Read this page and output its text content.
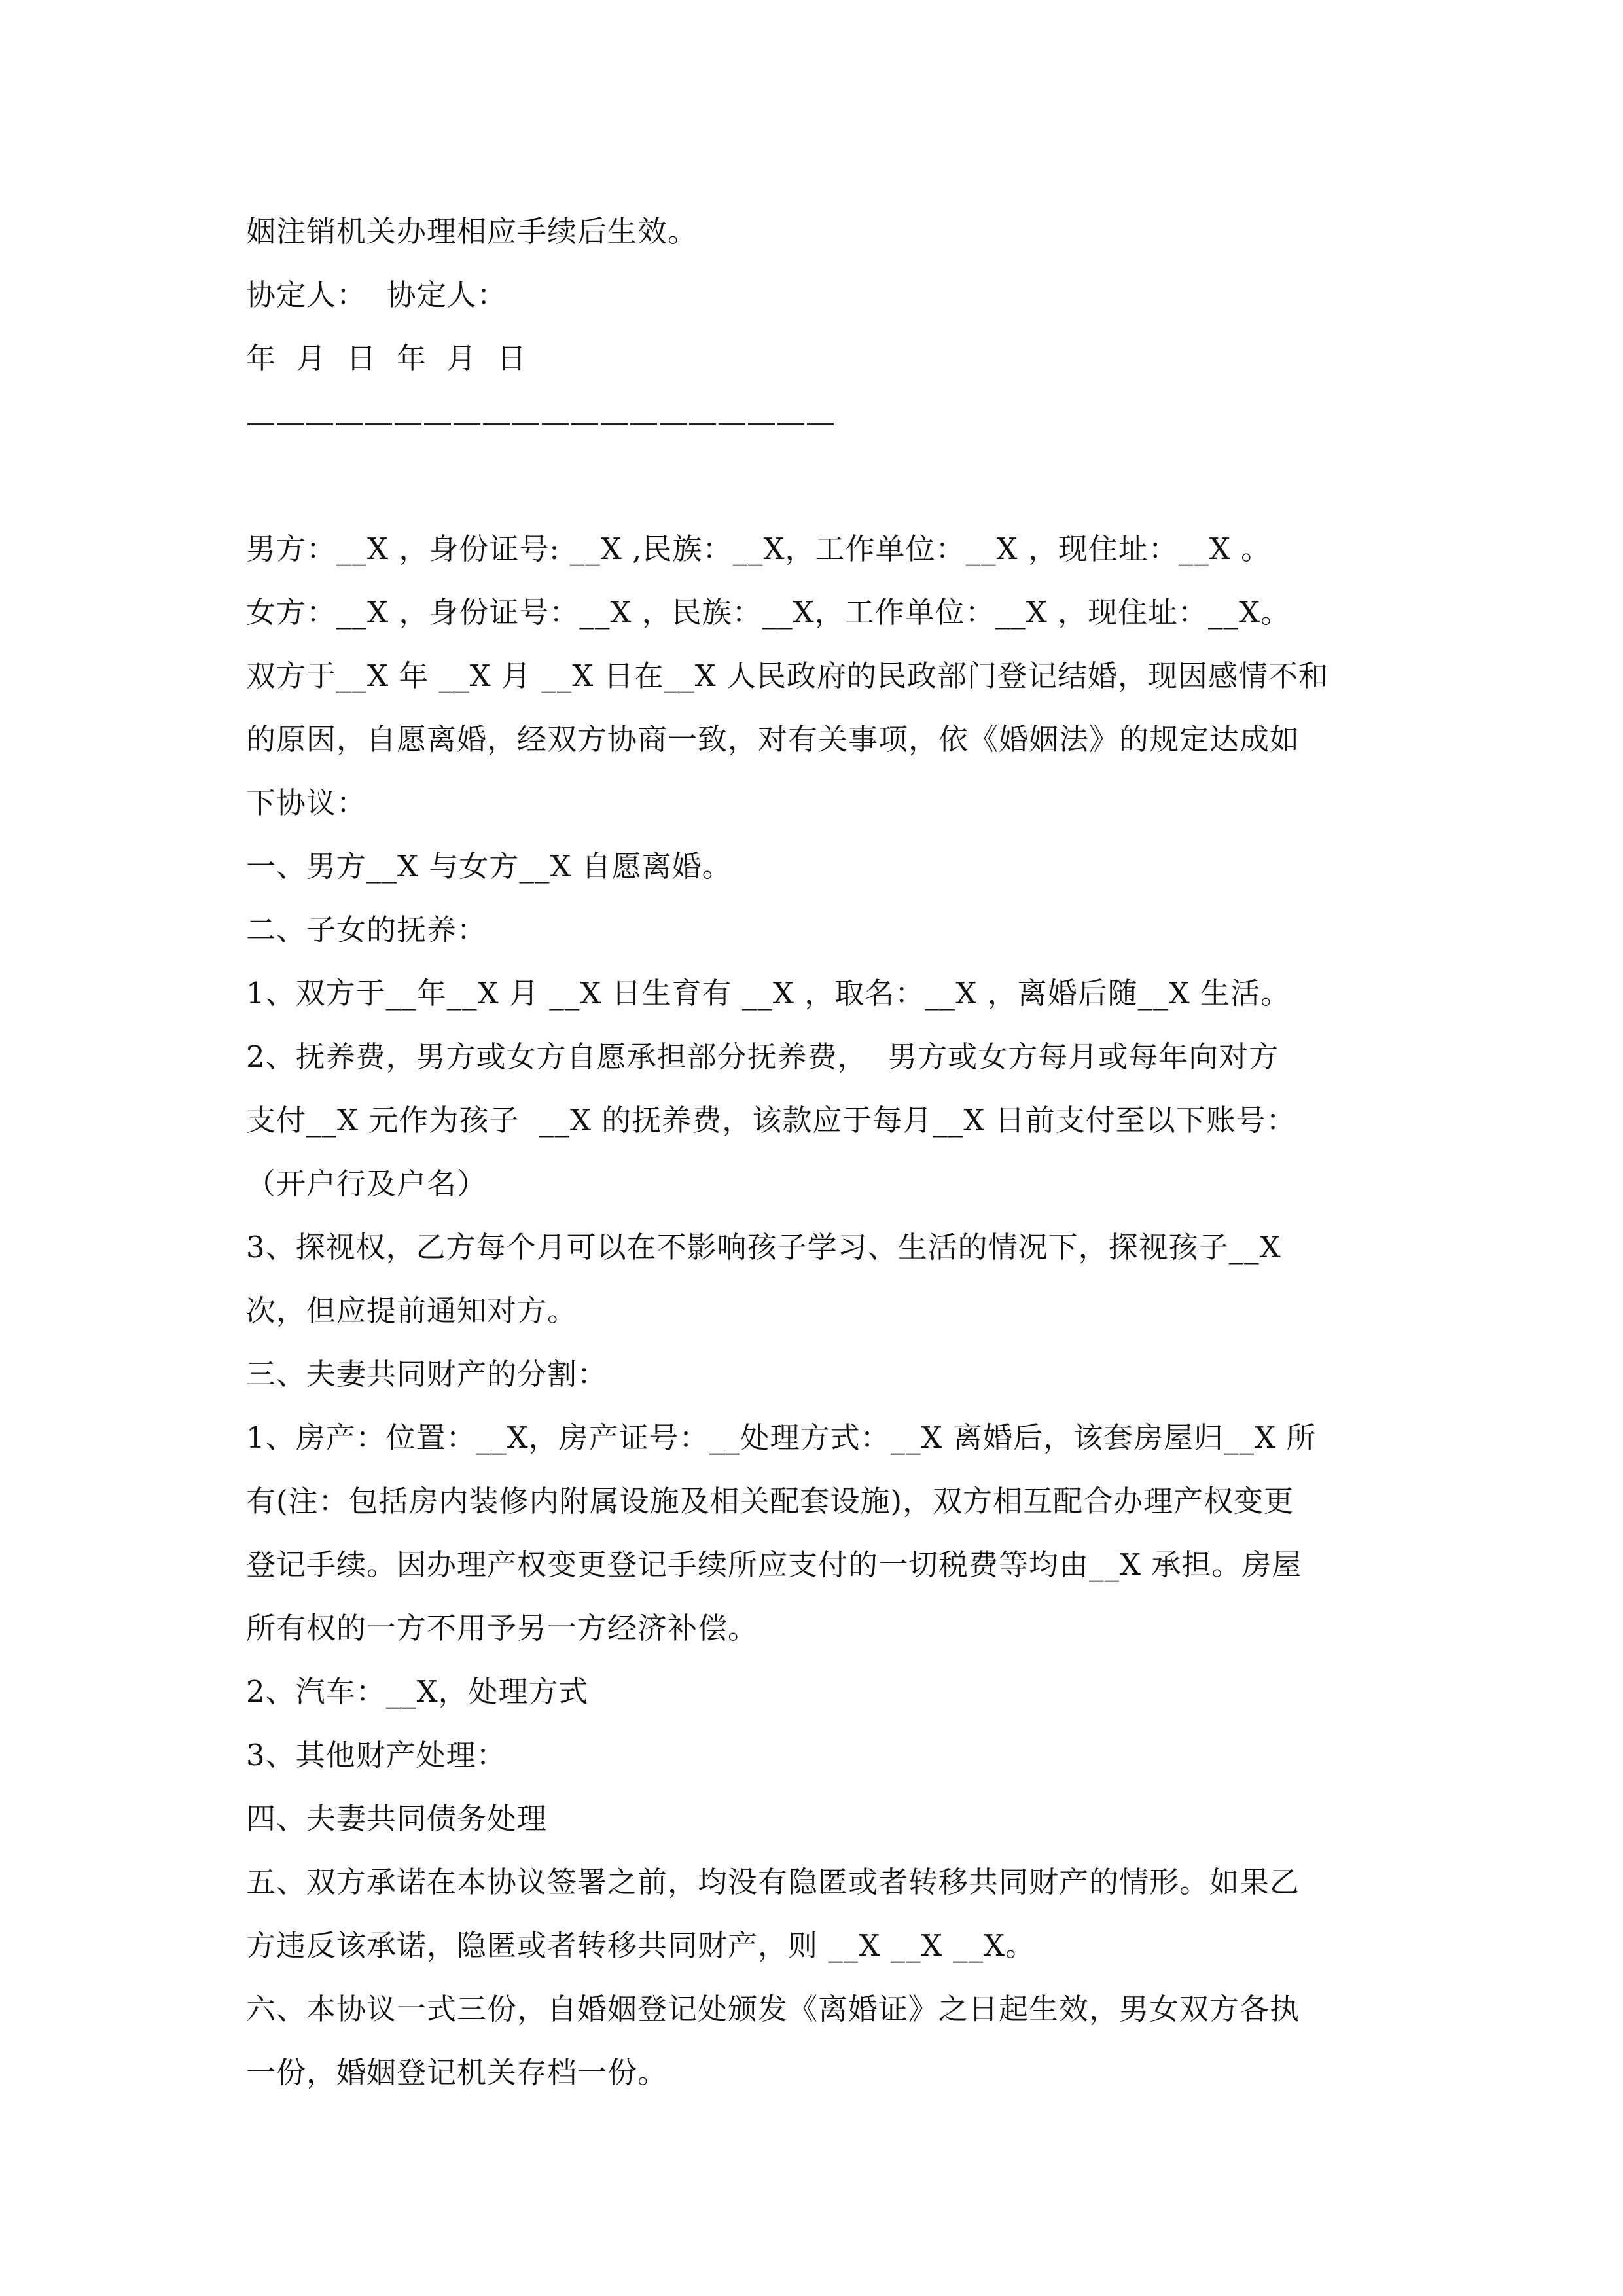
姻注销机关办理相应手续后生效。
协定人：  协定人：
年  月  日  年  月  日
————————————————————
男方：__X ，身份证号: __X ,民族：__X，工作单位：__X ，现住址：__X 。
女方：__X ，身份证号：__X ，民族：__X，工作单位：__X ，现住址：__X。
双方于__X 年 __X 月 __X 日在__X 人民政府的民政部门登记结婚，现因感情不和
的原因，自愿离婚，经双方协商一致，对有关事项，依《婚姻法》的规定达成如
下协议：
一、男方__X 与女方__X 自愿离婚。
二、子女的抚养：
1、双方于__年__X 月 __X 日生育有 __X ，取名：__X ，离婚后随__X 生活。
2、抚养费，男方或女方自愿承担部分抚养费，  男方或女方每月或每年向对方
支付__X 元作为孩子  __X 的抚养费，该款应于每月__X 日前支付至以下账号：
（开户行及户名）
3、探视权，乙方每个月可以在不影响孩子学习、生活的情况下，探视孩子__X
次，但应提前通知对方。
三、夫妻共同财产的分割：
1、房产：位置：__X，房产证号：__处理方式：__X 离婚后，该套房屋归__X 所
有(注：包括房内装修内附属设施及相关配套设施)，双方相互配合办理产权变更
登记手续。因办理产权变更登记手续所应支付的一切税费等均由__X 承担。房屋
所有权的一方不用予另一方经济补偿。
2、汽车：__X，处理方式
3、其他财产处理：
四、夫妻共同债务处理
五、双方承诺在本协议签署之前，均没有隐匿或者转移共同财产的情形。如果乙
方违反该承诺，隐匿或者转移共同财产，则 __X __X __X。
六、本协议一式三份，自婚姻登记处颁发《离婚证》之日起生效，男女双方各执
一份，婚姻登记机关存档一份。
